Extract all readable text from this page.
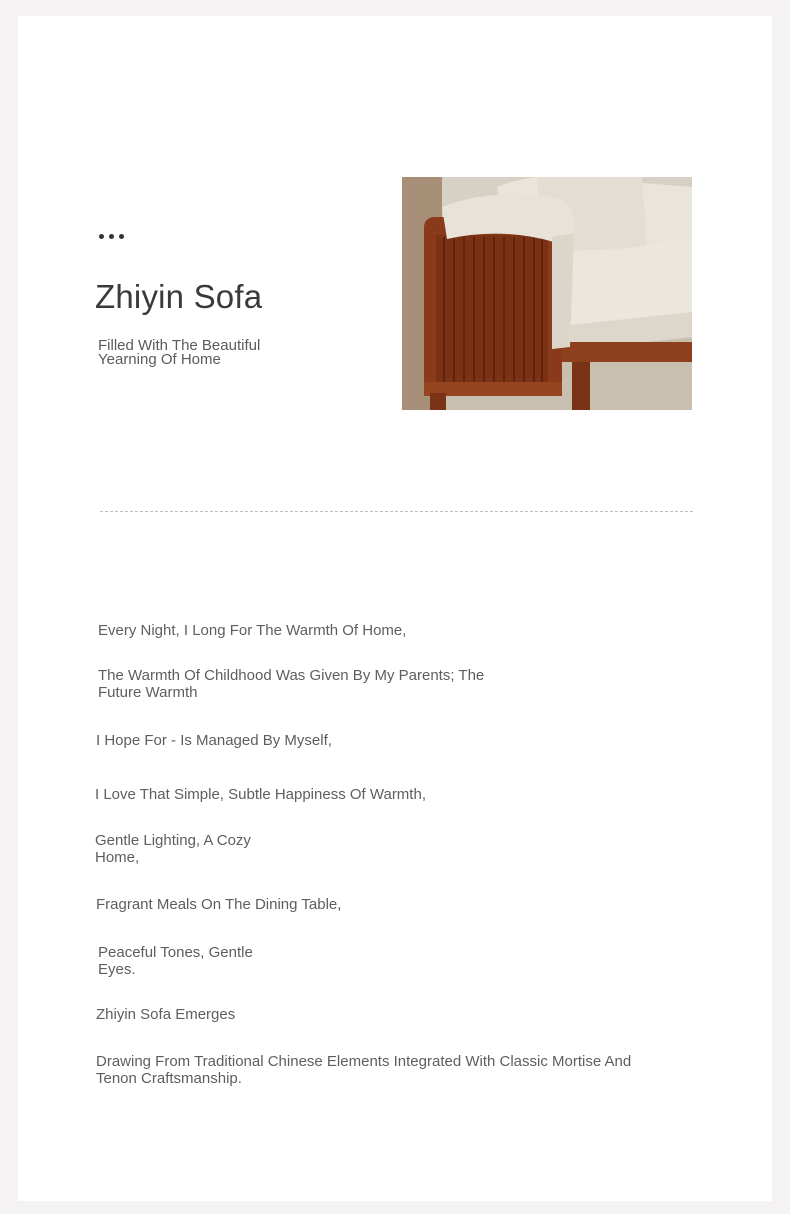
Zhiyin Sofa
Filled With The Beautiful Yearning Of Home
Every Night, I Long For The Warmth Of Home,
The Warmth Of Childhood Was Given By My Parents; The Future Warmth
I Hope For - Is Managed By Myself,
I Love That Simple, Subtle Happiness Of Warmth,
Gentle Lighting, A Cozy Home,
Fragrant Meals On The Dining Table,
Peaceful Tones, Gentle Eyes.
Zhiyin Sofa Emerges
Drawing From Traditional Chinese Elements Integrated With Classic Mortise And Tenon Craftsmanship.
